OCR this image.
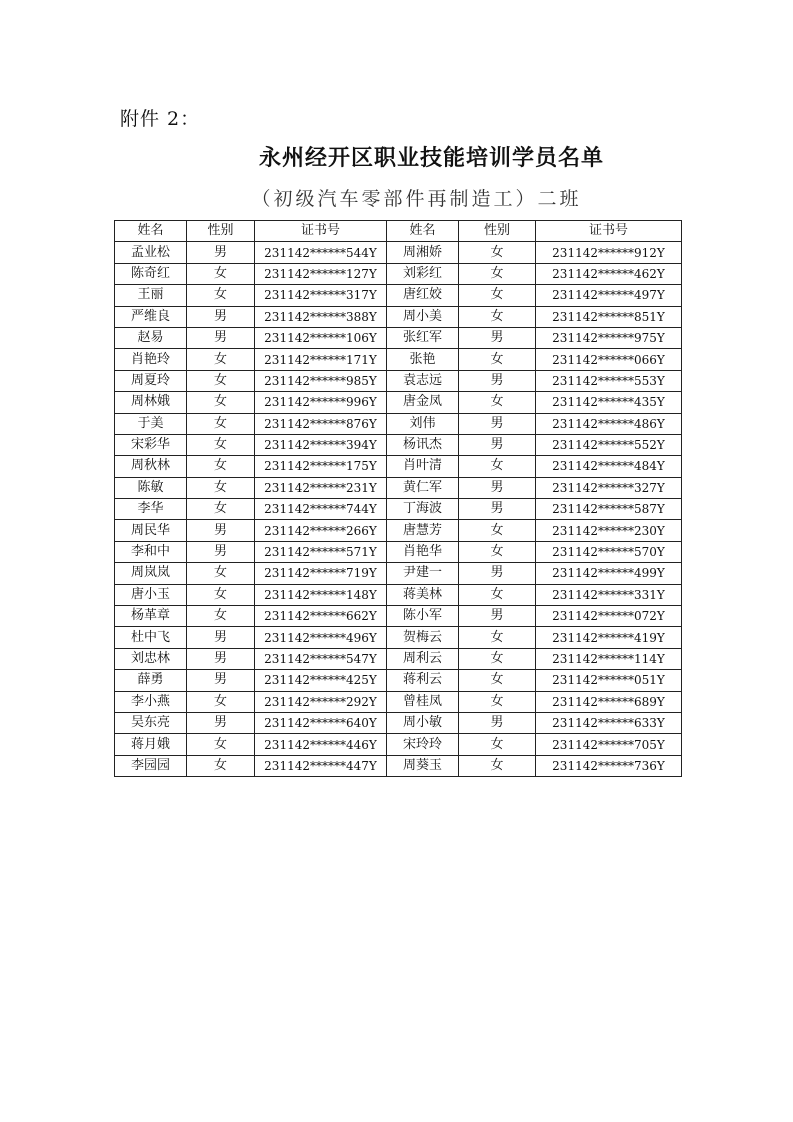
附件 2：
永州经开区职业技能培训学员名单
（初级汽车零部件再制造工）二班
姓名	性别	证书号	姓名	性别	证书号
孟业松	男	231142******544Y	周湘娇	女	231142******912Y
陈奇红	女	231142******127Y	刘彩红	女	231142******462Y
王丽	女	231142******317Y	唐红姣	女	231142******497Y
严维良	男	231142******388Y	周小美	女	231142******851Y
赵易	男	231142******106Y	张红军	男	231142******975Y
肖艳玲	女	231142******171Y	张艳	女	231142******066Y
周夏玲	女	231142******985Y	袁志远	男	231142******553Y
周林娥	女	231142******996Y	唐金凤	女	231142******435Y
于美	女	231142******876Y	刘伟	男	231142******486Y
宋彩华	女	231142******394Y	杨讯杰	男	231142******552Y
周秋林	女	231142******175Y	肖叶清	女	231142******484Y
陈敏	女	231142******231Y	黄仁军	男	231142******327Y
李华	女	231142******744Y	丁海波	男	231142******587Y
周民华	男	231142******266Y	唐慧芳	女	231142******230Y
李和中	男	231142******571Y	肖艳华	女	231142******570Y
周岚岚	女	231142******719Y	尹建一	男	231142******499Y
唐小玉	女	231142******148Y	蒋美林	女	231142******331Y
杨革章	女	231142******662Y	陈小军	男	231142******072Y
杜中飞	男	231142******496Y	贺梅云	女	231142******419Y
刘忠林	男	231142******547Y	周利云	女	231142******114Y
薛勇	男	231142******425Y	蒋利云	女	231142******051Y
李小燕	女	231142******292Y	曾桂凤	女	231142******689Y
吴东亮	男	231142******640Y	周小敏	男	231142******633Y
蒋月娥	女	231142******446Y	宋玲玲	女	231142******705Y
李园园	女	231142******447Y	周葵玉	女	231142******736Y
